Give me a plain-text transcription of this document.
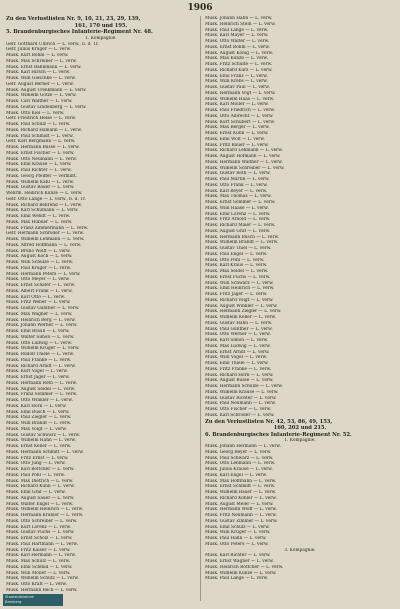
1906
Zu den Verlustlisten Nr. 9, 10, 21, 23, 29, 139,
161, 170 und 195.
5. Brandenburgisches Infanterie-Regiment Nr. 48.
1. Kompagnie.
Gefr. Gotthard Ulbrich — L. verw., b. d. Tr.
Gefr. Julius Krüger — L. verw.
Musk. Kurt Böhm — L. verw.
Musk. Max Schreiber — L. verw.
Musk. Ernst Bahnmann — L. verw.
Musk. Karl Hirsch — L. verw.
Musk. Willi Gieschke — L. verw.
Gefr. August Berner — L. verw.
Musk. August Trenkmann — L. verw.
Musk. Wilhelm Götze — L. verw.
Musk. Carl Walther — L. verw.
Musk. Gustav Lindenberg — L. verw.
Musk. Otto Kiel — L. verw.
Gefr. Friedrich Heise — L. verw.
Musk. Paul Schulz — L. verw.
Musk. Richard Hamann — L. verw.
Musk. Paul Schmidt — L. verw.
Gefr. Karl Bergmann — L. verw.
Musk. Hermann Busse — L. verw.
Musk. Ernst Fischer — L. verw.
Musk. Otto Neumann — L. verw.
Musk. Emil Krause — L. verw.
Musk. Paul Richter — L. verw.
Musk. Georg Pfeiffer — vermißt.
Musk. Wilhelm Kahl — L. verw.
Musk. Gustav Bauer — L. verw.
Wehrm. Heinrich Kunze — L. verw.
Gefr. Otto Lange — L. verw., b. d. Tr.
Musk. Richard Behrend — L. verw.
Musk. Karl Schumann — L. verw.
Musk. Emil Wendt — L. verw.
Musk. Max Hübner — L. verw.
Musk. Franz Zimmermann — L. verw.
Gefr. Hermann Schröder — L. verw.
Musk. Wilhelm Lehmann — L. verw.
Musk. Alfred Hoffmann — L. verw.
Musk. Bruno Wolff — L. verw.
Musk. August Koch — L. verw.
Musk. Willi Schulze — L. verw.
Musk. Paul Krüger — L. verw.
Musk. Hermann Peters — L. verw.
Musk. Otto Meyer — L. verw.
Musk. Ernst Schäfer — L. verw.
Musk. Albert Frank — L. verw.
Musk. Karl Otto — L. verw.
Musk. Fritz Weber — L. verw.
Musk. Gustav Günther — L. verw.
Musk. Max Wagner — L. verw.
Musk. Heinrich Berg — L. verw.
Musk. Johann Werner — L. verw.
Musk. Emil Braun — L. verw.
Musk. Walter Simon — L. verw.
Musk. Otto Ludwig — L. verw.
Musk. Wilhelm Krüger — L. verw.
Musk. Rudolf Thiele — L. verw.
Musk. Paul Franke — L. verw.
Musk. Richard Arndt — L. verw.
Musk. Kurt Vogel — L. verw.
Musk. Ernst Jäger — L. verw.
Musk. Hermann Roth — L. verw.
Musk. August Seidel — L. verw.
Musk. Franz Sommer — L. verw.
Musk. Otto Winkler — L. verw.
Musk. Karl Horn — L. verw.
Musk. Emil Busch — L. verw.
Musk. Paul Ziegler — L. verw.
Musk. Willi Brandt — L. verw.
Musk. Max Voigt — L. verw.
Musk. Gustav Schwarz — L. verw.
Musk. Wilhelm Hahn — L. verw.
Musk. Ernst Keller — L. verw.
Musk. Hermann Schmitt — L. verw.
Musk. Fritz Ernst — L. verw.
Musk. Otto Jung — L. verw.
Musk. Karl Böttcher — L. verw.
Musk. Paul Pohl — L. verw.
Musk. Max Dietrich — L. verw.
Musk. Richard Kühn — L. verw.
Musk. Emil Graf — L. verw.
Musk. August Sauer — L. verw.
Musk. Walter Engel — L. verw.
Musk. Wilhelm Heinrich — L. verw.
Musk. Hermann Krämer — L. verw.
Musk. Otto Schreiber — L. verw.
Musk. Kurt Lorenz — L. verw.
Musk. Gustav Fuchs — L. verw.
Musk. Ernst Scholz — L. verw.
Musk. Paul Hartmann — L. verw.
Musk. Fritz Kaiser — L. verw.
Musk. Karl Hermann — L. verw.
Musk. Max Schulz — L. verw.
Musk. Emil Schmid — L. verw.
Musk. Willi Möller — L. verw.
Musk. Wilhelm Schütz — L. verw.
Musk. Otto Kraft — L. verw.
Musk. Hermann Beck — L. verw.
Musk. Johann Hahn — L. verw.
Musk. Heinrich Stein — L. verw.
Musk. Paul Lange — L. verw.
Musk. Karl Mayer — L. verw.
Musk. Otto Walter — L. verw.
Musk. Ernst Böhm — L. verw.
Musk. August König — L. verw.
Musk. Max Kunze — L. verw.
Musk. Fritz Schulte — L. verw.
Musk. Richard Kurz — L. verw.
Musk. Emil Franz — L. verw.
Musk. Willi Krebs — L. verw.
Musk. Gustav Paul — L. verw.
Musk. Hermann Vogt — L. verw.
Musk. Wilhelm Haas — L. verw.
Musk. Karl Möller — L. verw.
Musk. Paul Friedrich — L. verw.
Musk. Otto Albrecht — L. verw.
Musk. Kurt Schubert — L. verw.
Musk. Max Berger — L. verw.
Musk. Ernst Kuhn — L. verw.
Musk. Emil Wolf — L. verw.
Musk. Fritz Bauer — L. verw.
Musk. Richard Lehmann — L. verw.
Musk. August Hofmann — L. verw.
Musk. Hermann Walther — L. verw.
Musk. Wilhelm Schreiber — L. verw.
Musk. Gustav Roth — L. verw.
Musk. Paul Martin — L. verw.
Musk. Otto Frank — L. verw.
Musk. Karl Beyer — L. verw.
Musk. Max Thomas — L. verw.
Musk. Ernst Sommer — L. verw.
Musk. Willi Haase — L. verw.
Musk. Emil Lorenz — L. verw.
Musk. Fritz Arnold — L. verw.
Musk. Richard Maier — L. verw.
Musk. August Graf — L. verw.
Musk. Hermann Busch — L. verw.
Musk. Wilhelm Brandt — L. verw.
Musk. Gustav Thiel — L. verw.
Musk. Paul Engel — L. verw.
Musk. Otto Pohl — L. verw.
Musk. Karl Kraus — L. verw.
Musk. Max Seidel — L. verw.
Musk. Ernst Fuchs — L. verw.
Musk. Willi Schwarz — L. verw.
Musk. Emil Heinrich — L. verw.
Musk. Fritz Jäger — L. verw.
Musk. Richard Voigt — L. verw.
Musk. August Winkler — L. verw.
Musk. Hermann Ziegler — L. verw.
Musk. Wilhelm Keller — L. verw.
Musk. Gustav Hahn — L. verw.
Musk. Paul Günther — L. verw.
Musk. Otto Werner — L. verw.
Musk. Karl Simon — L. verw.
Musk. Max Ludwig — L. verw.
Musk. Ernst Arndt — L. verw.
Musk. Willi Vogel — L. verw.
Musk. Emil Thiele — L. verw.
Musk. Fritz Franke — L. verw.
Musk. Richard Horn — L. verw.
Musk. August Busse — L. verw.
Musk. Hermann Schulze — L. verw.
Musk. Wilhelm Krause — L. verw.
Musk. Gustav Richter — L. verw.
Musk. Paul Neumann — L. verw.
Musk. Otto Fischer — L. verw.
Musk. Karl Schröder — L. verw.
Zu den Verlustlisten Nr. 42, 53, 86, 49, 153,
160, 202 und 215.
6. Brandenburgisches Infanterie-Regiment Nr. 52.
1. Kompagnie.
Musk. Johann Hermann — L. verw.
Musk. Georg Beyer — L. verw.
Musk. Paul Schwarz — L. verw.
Musk. Otto Lehmann — L. verw.
Musk. Julius Krause — L. verw.
Musk. Karl Engel — L. verw.
Musk. Max Hoffmann — L. verw.
Musk. Ernst Schmidt — L. verw.
Musk. Wilhelm Bauer — L. verw.
Musk. Richard Köhler — L. verw.
Musk. August Meier — L. verw.
Musk. Hermann Wolff — L. verw.
Musk. Fritz Neumann — L. verw.
Musk. Gustav Zimmer — L. verw.
Musk. Emil Schulz — L. verw.
Musk. Willi Krüger — L. verw.
Musk. Paul Hahn — L. verw.
Musk. Otto Peters — L. verw.
3. Kompagnie.
Musk. Karl Richter — L. verw.
Musk. Ernst Wagner — L. verw.
Musk. Heinrich Böttcher — L. verw.
Musk. Wilhelm Kunze — L. verw.
Musk. Paul Lange — L. verw.
Staatsbibliothek
Bamberg
